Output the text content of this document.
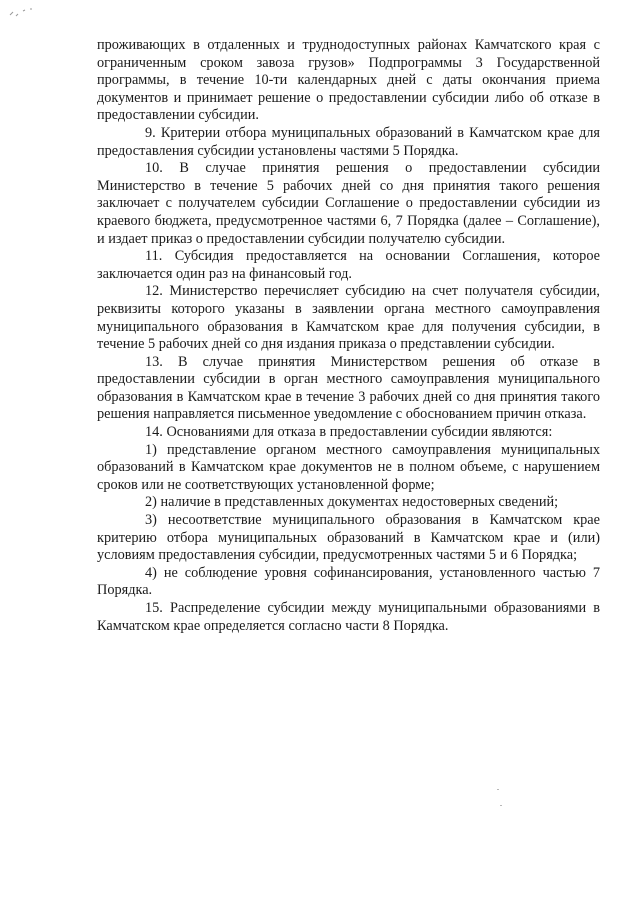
проживающих в отдаленных и труднодоступных районах Камчатского края с ограниченным сроком завоза грузов» Подпрограммы 3 Государственной программы, в течение 10-ти календарных дней с даты окончания приема документов и принимает решение о предоставлении субсидии либо об отказе в предоставлении субсидии.

9. Критерии отбора муниципальных образований в Камчатском крае для предоставления субсидии установлены частями 5 Порядка.

10. В случае принятия решения о предоставлении субсидии Министерство в течение 5 рабочих дней со дня принятия такого решения заключает с получателем субсидии Соглашение о предоставлении субсидии из краевого бюджета, предусмотренное частями 6, 7 Порядка (далее – Соглашение), и издает приказ о предоставлении субсидии получателю субсидии.

11. Субсидия предоставляется на основании Соглашения, которое заключается один раз на финансовый год.

12. Министерство перечисляет субсидию на счет получателя субсидии, реквизиты которого указаны в заявлении органа местного самоуправления муниципального образования в Камчатском крае для получения субсидии, в течение 5 рабочих дней со дня издания приказа о представлении субсидии.

13. В случае принятия Министерством решения об отказе в предоставлении субсидии в орган местного самоуправления муниципального образования в Камчатском крае в течение 3 рабочих дней со дня принятия такого решения направляется письменное уведомление с обоснованием причин отказа.

14. Основаниями для отказа в предоставлении субсидии являются:

1) представление органом местного самоуправления муниципальных образований в Камчатском крае документов не в полном объеме, с нарушением сроков или не соответствующих установленной форме;

2) наличие в представленных документах недостоверных сведений;

3) несоответствие муниципального образования в Камчатском крае критерию отбора муниципальных образований в Камчатском крае и (или) условиям предоставления субсидии, предусмотренных частями 5 и 6 Порядка;

4) не соблюдение уровня софинансирования, установленного частью 7 Порядка.

15. Распределение субсидии между муниципальными образованиями в Камчатском крае определяется согласно части 8 Порядка.
